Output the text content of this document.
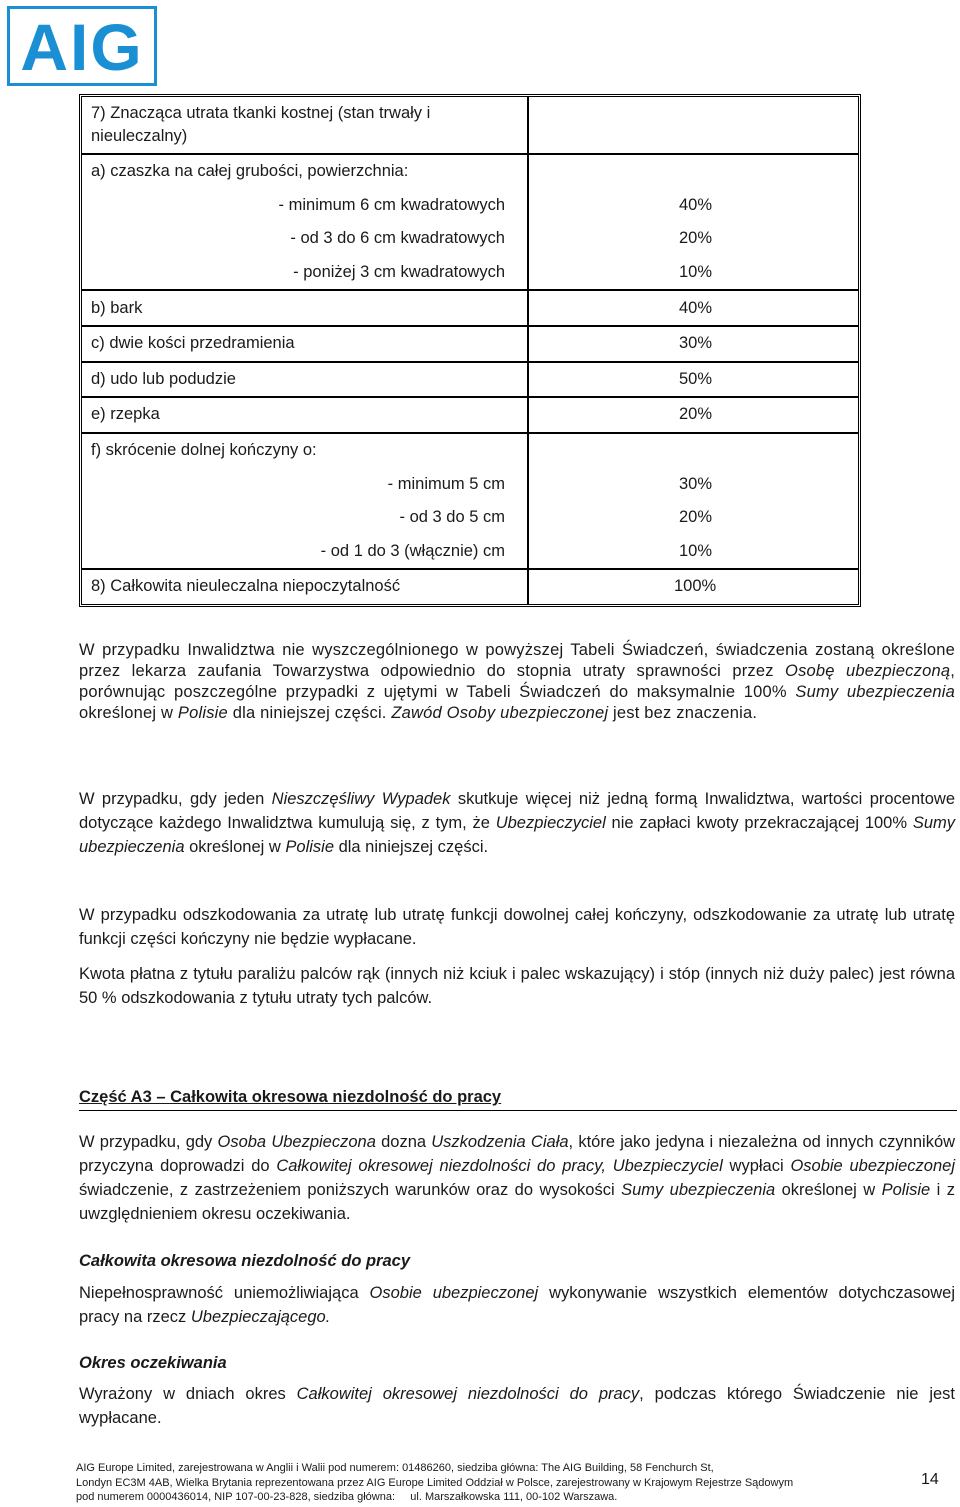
AIG
7) Znacząca utrata tkanki kostnej (stan trwały i nieuleczalny)	
a) czaszka na całej grubości, powierzchnia:	
- minimum 6 cm kwadratowych	40%
- od 3 do 6 cm kwadratowych	20%
- poniżej 3 cm kwadratowych	10%
b) bark	40%
c) dwie kości przedramienia	30%
d) udo lub podudzie	50%
e) rzepka	20%
f) skrócenie dolnej kończyny o:	
- minimum 5 cm	30%
- od 3 do 5 cm	20%
- od 1 do 3 (włącznie) cm	10%
8) Całkowita nieuleczalna niepoczytalność	100%
W przypadku Inwalidztwa nie wyszczególnionego w powyższej Tabeli Świadczeń, świadczenia zostaną określone przez lekarza zaufania Towarzystwa odpowiednio do stopnia utraty sprawności przez Osobę ubezpieczoną, porównując poszczególne przypadki z ujętymi w Tabeli Świadczeń do maksymalnie 100% Sumy ubezpieczenia określonej w Polisie dla niniejszej części. Zawód Osoby ubezpieczonej jest bez znaczenia.
W przypadku, gdy jeden Nieszczęśliwy Wypadek skutkuje więcej niż jedną formą Inwalidztwa, wartości procentowe dotyczące każdego Inwalidztwa kumulują się, z tym, że Ubezpieczyciel nie zapłaci kwoty przekraczającej 100% Sumy ubezpieczenia określonej w Polisie dla niniejszej części.
W przypadku odszkodowania za utratę lub utratę funkcji dowolnej całej kończyny, odszkodowanie za utratę lub utratę funkcji części kończyny nie będzie wypłacane.
Kwota płatna z tytułu paraliżu palców rąk (innych niż kciuk i palec wskazujący) i stóp (innych niż duży palec) jest równa 50 % odszkodowania z tytułu utraty tych palców.
Część A3 – Całkowita okresowa niezdolność do pracy
W przypadku, gdy Osoba Ubezpieczona dozna Uszkodzenia Ciała, które jako jedyna i niezależna od innych czynników przyczyna doprowadzi do Całkowitej okresowej niezdolności do pracy, Ubezpieczyciel wypłaci Osobie ubezpieczonej świadczenie, z zastrzeżeniem poniższych warunków oraz do wysokości Sumy ubezpieczenia określonej w Polisie i z uwzględnieniem okresu oczekiwania.
Całkowita okresowa niezdolność do pracy
Niepełnosprawność uniemożliwiająca Osobie ubezpieczonej wykonywanie wszystkich elementów dotychczasowej pracy na rzecz Ubezpieczającego.
Okres oczekiwania
Wyrażony w dniach okres Całkowitej okresowej niezdolności do pracy, podczas którego Świadczenie nie jest wypłacane.
AIG Europe Limited, zarejestrowana w Anglii i Walii pod numerem: 01486260, siedziba główna: The AIG Building, 58 Fenchurch St,
Londyn EC3M 4AB, Wielka Brytania reprezentowana przez AIG Europe Limited Oddział w Polsce, zarejestrowany w Krajowym Rejestrze Sądowym
pod numerem 0000436014, NIP 107-00-23-828, siedziba główna:     ul. Marszałkowska 111, 00-102 Warszawa.
14
